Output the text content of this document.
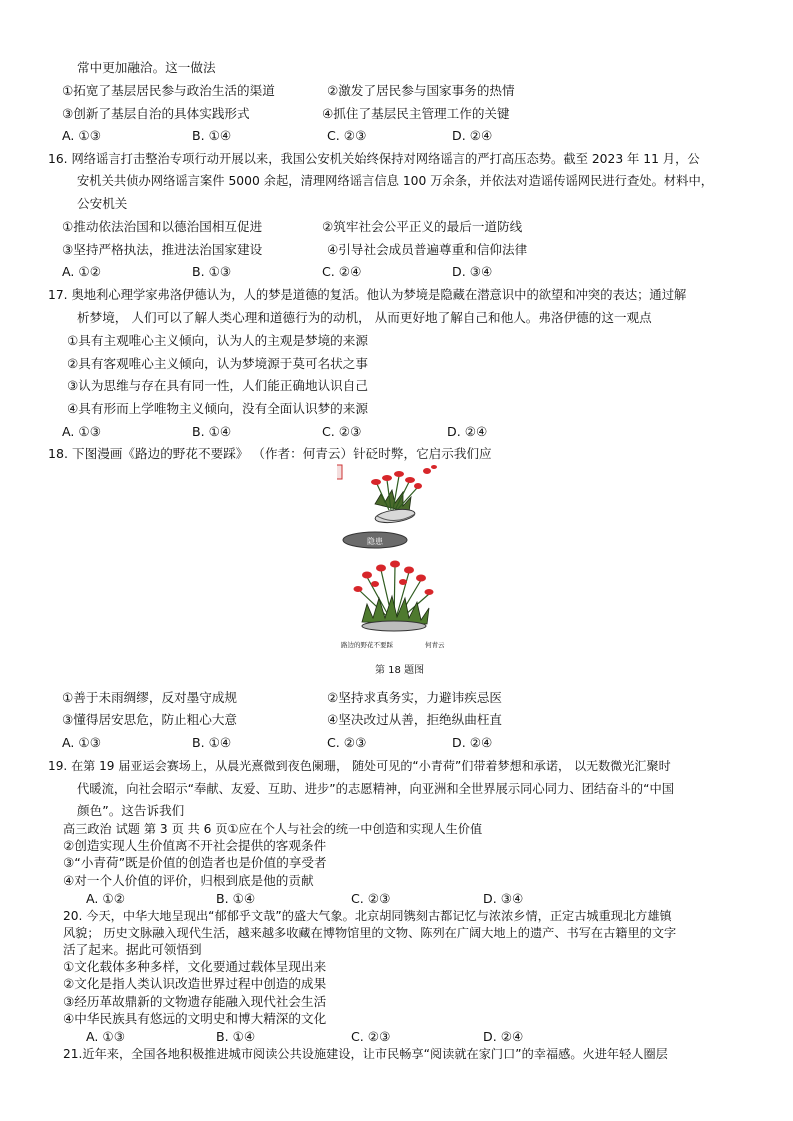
常中更加融洽。这一做法
①拓宽了基层居民参与政治生活的渠道	②激发了居民参与国家事务的热情
③创新了基层自治的具体实践形式	④抓住了基层民主管理工作的关键
A. ①③	B. ①④	C. ②③	D. ②④
16. 网络谣言打击整治专项行动开展以来，我国公安机关始终保持对网络谣言的严打高压态势。截至 2023 年 11 月，公
安机关共侦办网络谣言案件 5000 余起，清理网络谣言信息 100 万余条，并依法对造谣传谣网民进行查处。材料中，
公安机关
①推动依法治国和以德治国相互促进	②筑牢社会公平正义的最后一道防线
③坚持严格执法，推进法治国家建设	④引导社会成员普遍尊重和信仰法律
A. ①②	B. ①③	C. ②④	D. ③④
17. 奥地利心理学家弗洛伊德认为，人的梦是道德的复活。他认为梦境是隐藏在潜意识中的欲望和冲突的表达；通过解
析梦境， 人们可以了解人类心理和道德行为的动机， 从而更好地了解自己和他人。弗洛伊德的这一观点
①具有主观唯心主义倾向，认为人的主观是梦境的来源
②具有客观唯心主义倾向，认为梦境源于莫可名状之事
③认为思维与存在具有同一性，人们能正确地认识自己
④具有形而上学唯物主义倾向，没有全面认识梦的来源
A. ①③	B. ①④	C. ②③	D. ②④
18. 下图漫画《路边的野花不要踩》 （作者：何青云）针砭时弊，它启示我们应
隐患
路边的野花不要踩	何青云
第 18 题图
①善于未雨绸缪，反对墨守成规	②坚持求真务实，力避讳疾忌医
③懂得居安思危，防止粗心大意	④坚决改过从善，拒绝纵曲枉直
A. ①③	B. ①④	C. ②③	D. ②④
19. 在第 19 届亚运会赛场上，从晨光熹微到夜色阑珊， 随处可见的“小青荷”们带着梦想和承诺， 以无数微光汇聚时
代暖流，向社会昭示“奉献、友爱、互助、进步”的志愿精神，向亚洲和全世界展示同心同力、团结奋斗的“中国
颜色”。这告诉我们
高三政治 试题 第 3 页 共 6 页①应在个人与社会的统一中创造和实现人生价值
②创造实现人生价值离不开社会提供的客观条件
③“小青荷”既是价值的创造者也是价值的享受者
④对一个人价值的评价，归根到底是他的贡献
A. ①②	B. ①④	C. ②③	D. ③④
20. 今天，中华大地呈现出“郁郁乎文哉”的盛大气象。北京胡同镌刻古都记忆与浓浓乡情，正定古城重现北方雄镇
风貌； 历史文脉融入现代生活，越来越多收藏在博物馆里的文物、陈列在广阔大地上的遗产、书写在古籍里的文字
活了起来。据此可领悟到
①文化载体多种多样，文化要通过载体呈现出来
②文化是指人类认识改造世界过程中创造的成果
③经历革故鼎新的文物遗存能融入现代社会生活
④中华民族具有悠远的文明史和博大精深的文化
A. ①③	B. ①④	C. ②③	D. ②④
21.近年来，全国各地积极推进城市阅读公共设施建设，让市民畅享“阅读就在家门口”的幸福感。火进年轻人圈层
